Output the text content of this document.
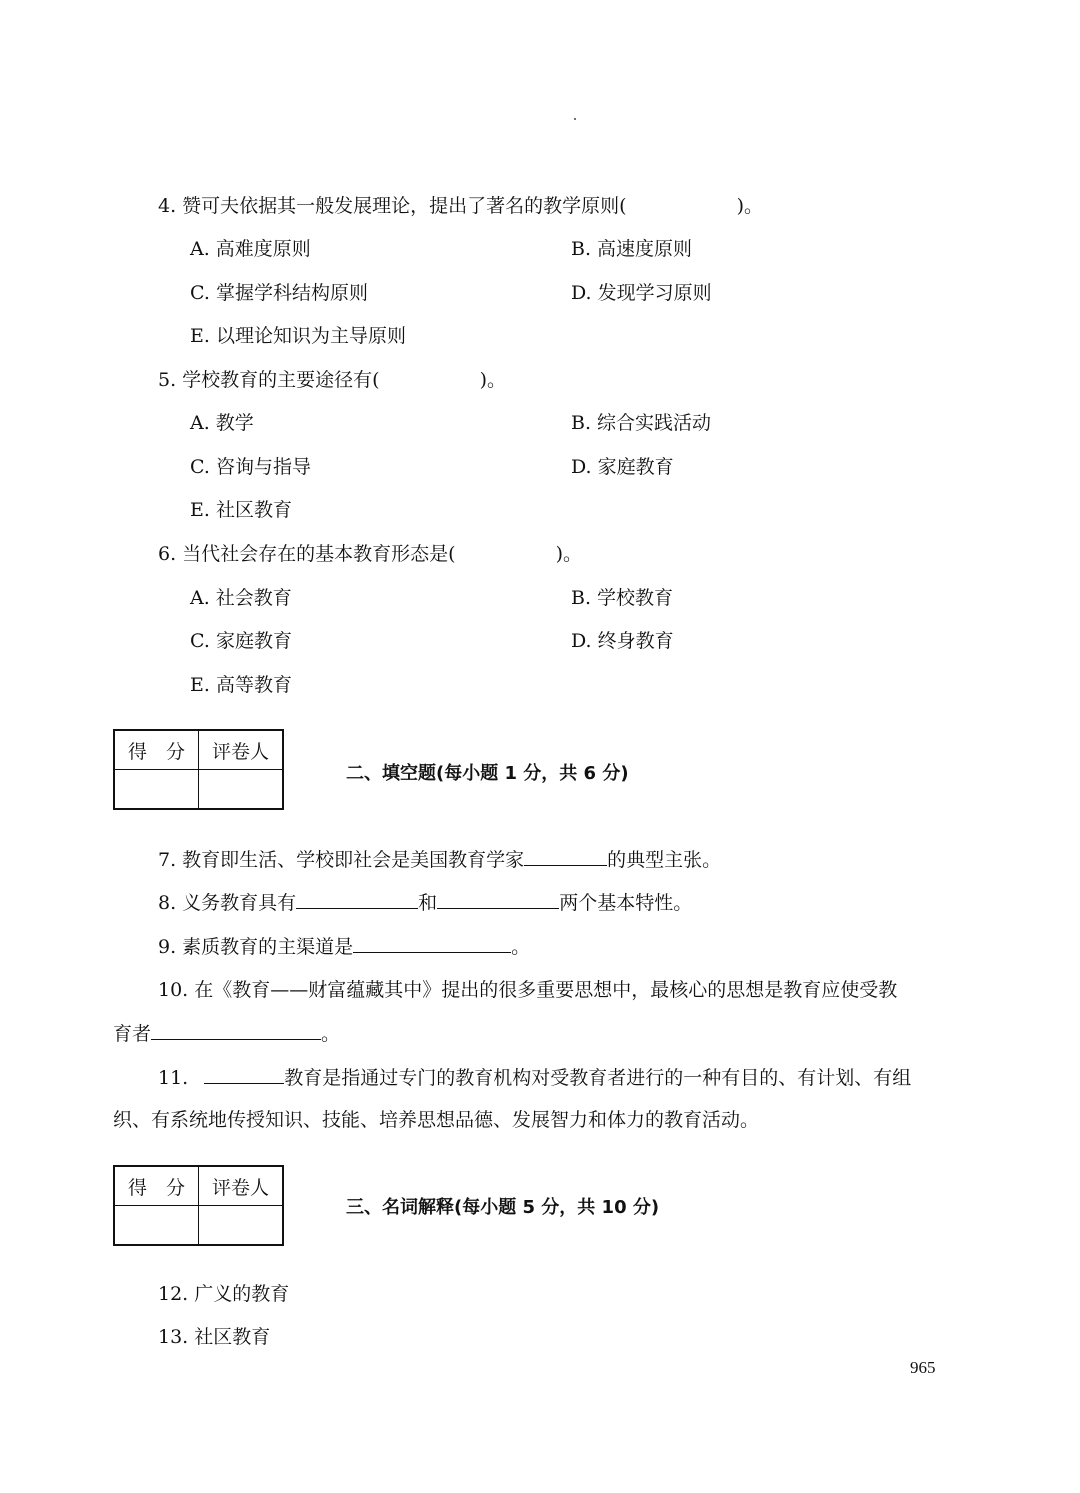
4. 赞可夫依据其一般发展理论，提出了著名的教学原则(	)。
A. 高难度原则	B. 高速度原则
C. 掌握学科结构原则	D. 发现学习原则
E. 以理论知识为主导原则
5. 学校教育的主要途径有(	)。
A. 教学	B. 综合实践活动
C. 咨询与指导	D. 家庭教育
E. 社区教育
6. 当代社会存在的基本教育形态是(	)。
A. 社会教育	B. 学校教育
C. 家庭教育	D. 终身教育
E. 高等教育
得　分	评卷人

二、填空题(每小题 1 分，共 6 分)
7. 教育即生活、学校即社会是美国教育学家	的典型主张。
8. 义务教育具有	和	两个基本特性。
9. 素质教育的主渠道是	。
10. 在《教育——财富蕴藏其中》提出的很多重要思想中，最核心的思想是教育应使受教
育者	。
11.	教育是指通过专门的教育机构对受教育者进行的一种有目的、有计划、有组
织、有系统地传授知识、技能、培养思想品德、发展智力和体力的教育活动。
得　分	评卷人

三、名词解释(每小题 5 分，共 10 分)
12. 广义的教育
13. 社区教育
965
